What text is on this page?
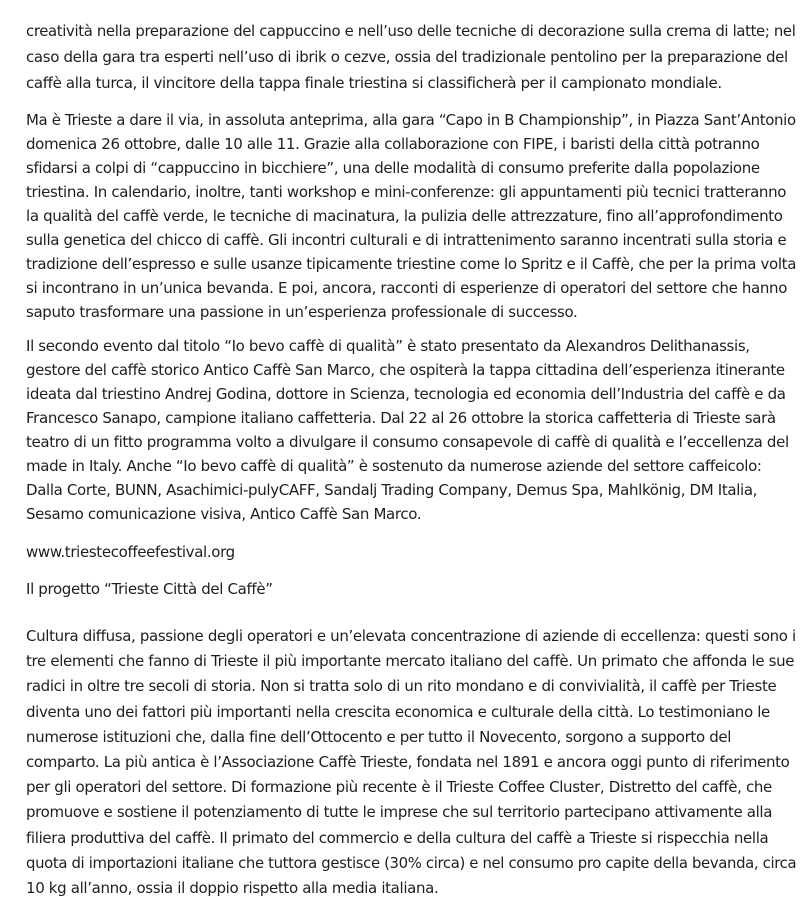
creatività nella preparazione del cappuccino e nell’uso delle tecniche di decorazione sulla crema di latte; nel
caso della gara tra esperti nell’uso di ibrik o cezve, ossia del tradizionale pentolino per la preparazione del
caffè alla turca, il vincitore della tappa finale triestina si classificherà per il campionato mondiale.
Ma è Trieste a dare il via, in assoluta anteprima, alla gara “Capo in B Championship”, in Piazza Sant’Antonio
domenica 26 ottobre, dalle 10 alle 11. Grazie alla collaborazione con FIPE, i baristi della città potranno
sfidarsi a colpi di “cappuccino in bicchiere”, una delle modalità di consumo preferite dalla popolazione
triestina. In calendario, inoltre, tanti workshop e mini-conferenze: gli appuntamenti più tecnici tratteranno
la qualità del caffè verde, le tecniche di macinatura, la pulizia delle attrezzature, fino all’approfondimento
sulla genetica del chicco di caffè. Gli incontri culturali e di intrattenimento saranno incentrati sulla storia e
tradizione dell’espresso e sulle usanze tipicamente triestine come lo Spritz e il Caffè, che per la prima volta
si incontrano in un’unica bevanda. E poi, ancora, racconti di esperienze di operatori del settore che hanno
saputo trasformare una passione in un’esperienza professionale di successo.
Il secondo evento dal titolo “Io bevo caffè di qualità” è stato presentato da Alexandros Delithanassis,
gestore del caffè storico Antico Caffè San Marco, che ospiterà la tappa cittadina dell’esperienza itinerante
ideata dal triestino Andrej Godina, dottore in Scienza, tecnologia ed economia dell’Industria del caffè e da
Francesco Sanapo, campione italiano caffetteria. Dal 22 al 26 ottobre la storica caffetteria di Trieste sarà
teatro di un fitto programma volto a divulgare il consumo consapevole di caffè di qualità e l’eccellenza del
made in Italy. Anche “Io bevo caffè di qualità” è sostenuto da numerose aziende del settore caffeicolo:
Dalla Corte, BUNN, Asachimici-pulyCAFF, Sandalj Trading Company, Demus Spa, Mahlkönig, DM Italia,
Sesamo comunicazione visiva, Antico Caffè San Marco.
www.triestecoffeefestival.org
Il progetto “Trieste Città del Caffè”
Cultura diffusa, passione degli operatori e un’elevata concentrazione di aziende di eccellenza: questi sono i
tre elementi che fanno di Trieste il più importante mercato italiano del caffè. Un primato che affonda le sue
radici in oltre tre secoli di storia. Non si tratta solo di un rito mondano e di convivialità, il caffè per Trieste
diventa uno dei fattori più importanti nella crescita economica e culturale della città. Lo testimoniano le
numerose istituzioni che, dalla fine dell’Ottocento e per tutto il Novecento, sorgono a supporto del
comparto. La più antica è l’Associazione Caffè Trieste, fondata nel 1891 e ancora oggi punto di riferimento
per gli operatori del settore. Di formazione più recente è il Trieste Coffee Cluster, Distretto del caffè, che
promuove e sostiene il potenziamento di tutte le imprese che sul territorio partecipano attivamente alla
filiera produttiva del caffè. Il primato del commercio e della cultura del caffè a Trieste si rispecchia nella
quota di importazioni italiane che tuttora gestisce (30% circa) e nel consumo pro capite della bevanda, circa
10 kg all’anno, ossia il doppio rispetto alla media italiana.
